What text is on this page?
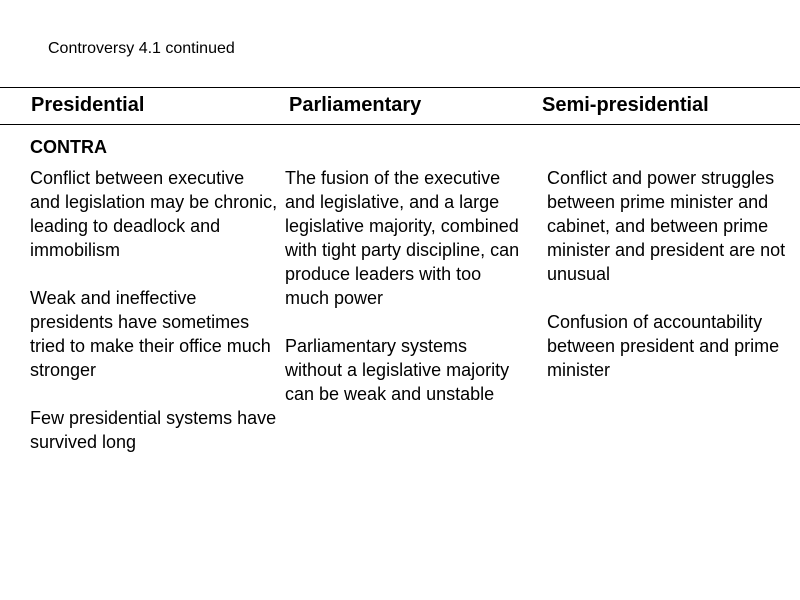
Controversy 4.1 continued
Presidential	Parliamentary	Semi-presidential
CONTRA

Conflict between executive and legislation may be chronic, leading to deadlock and immobilism

Weak and ineffective presidents have sometimes tried to make their office much stronger

Few presidential systems have survived long

The fusion of the executive and legislative, and a large legislative majority, combined with tight party discipline, can produce leaders with too much power

Parliamentary systems without a legislative majority can be weak and unstable

Conflict and power struggles between prime minister and cabinet, and between prime minister and president are not unusual

Confusion of accountability between president and prime minister
